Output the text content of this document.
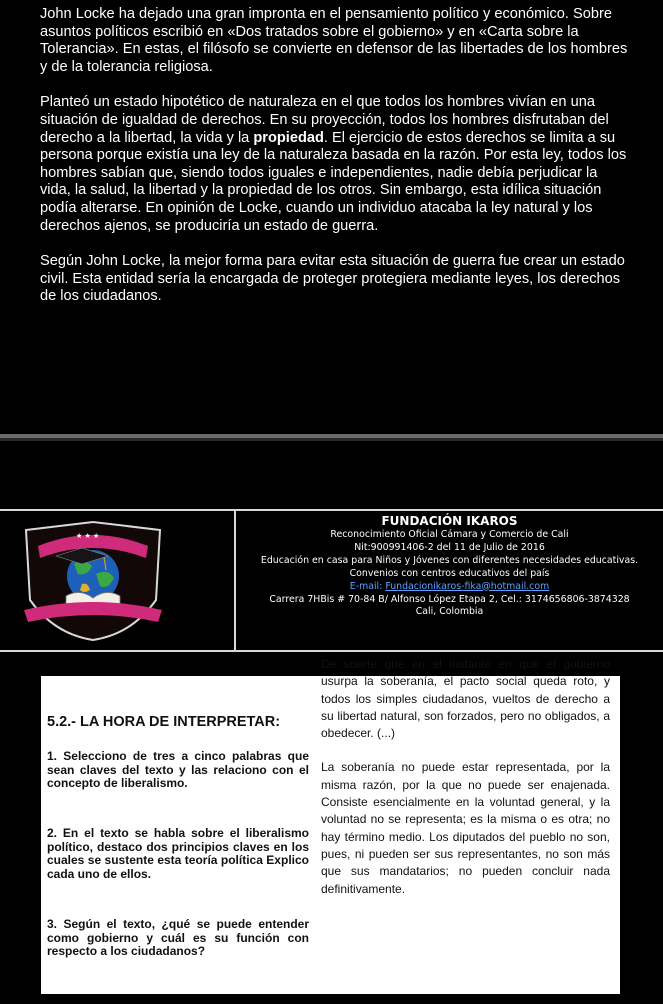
John Locke ha dejado una gran impronta en el pensamiento político y económico. Sobre asuntos políticos escribió en «Dos tratados sobre el gobierno» y en «Carta sobre la Tolerancia». En estas, el filósofo se convierte en defensor de las libertades de los hombres y de la tolerancia religiosa.

Planteó un estado hipotético de naturaleza en el que todos los hombres vivían en una situación de igualdad de derechos. En su proyección, todos los hombres disfrutaban del derecho a la libertad, la vida y la propiedad. El ejercicio de estos derechos se limita a su persona porque existía una ley de la naturaleza basada en la razón. Por esta ley, todos los hombres sabían que, siendo todos iguales e independientes, nadie debía perjudicar la vida, la salud, la libertad y la propiedad de los otros. Sin embargo, esta idílica situación podía alterarse. En opinión de Locke, cuando un individuo atacaba la ley natural y los derechos ajenos, se produciría un estado de guerra.

Según John Locke, la mejor forma para evitar esta situación de guerra fue crear un estado civil. Esta entidad sería la encargada de proteger protegiera mediante leyes, los derechos de los ciudadanos.

★ ★ ★
FUNDACIÓN IKAROS
Reconocimiento Oficial Cámara y Comercio de Cali
Nit:900991406-2 del 11 de Julio de 2016
Educación en casa para Niños y Jóvenes con diferentes necesidades educativas.
Convenios con centros educativos del país
E-mail: Fundacionikaros-fika@hotmail.com
Carrera 7HBis # 70-84 B/ Alfonso López Etapa 2, Cel.: 3174656806-3874328
Cali, Colombia
5.2.- LA HORA DE INTERPRETAR:
1. Selecciono de tres a cinco palabras que sean claves del texto y las relaciono con el concepto de liberalismo.
2. En el texto se habla sobre el liberalismo político, destaco dos principios claves en los cuales se sustente esta teoría política Explico cada uno de ellos.
3. Según el texto, ¿qué se puede entender como gobierno y cuál es su función con respecto a los ciudadanos?

De suerte que en el instante en que el gobierno usurpa la soberanía, el pacto social queda roto, y todos los simples ciudadanos, vueltos de derecho a su libertad natural, son forzados, pero no obligados, a obedecer. (...)

La soberanía no puede estar representada, por la misma razón, por la que no puede ser enajenada. Consiste esencialmente en la voluntad general, y la voluntad no se representa; es la misma o es otra; no hay término medio. Los diputados del pueblo no son, pues, ni pueden ser sus representantes, no son más que sus mandatarios; no pueden concluir nada definitivamente.
